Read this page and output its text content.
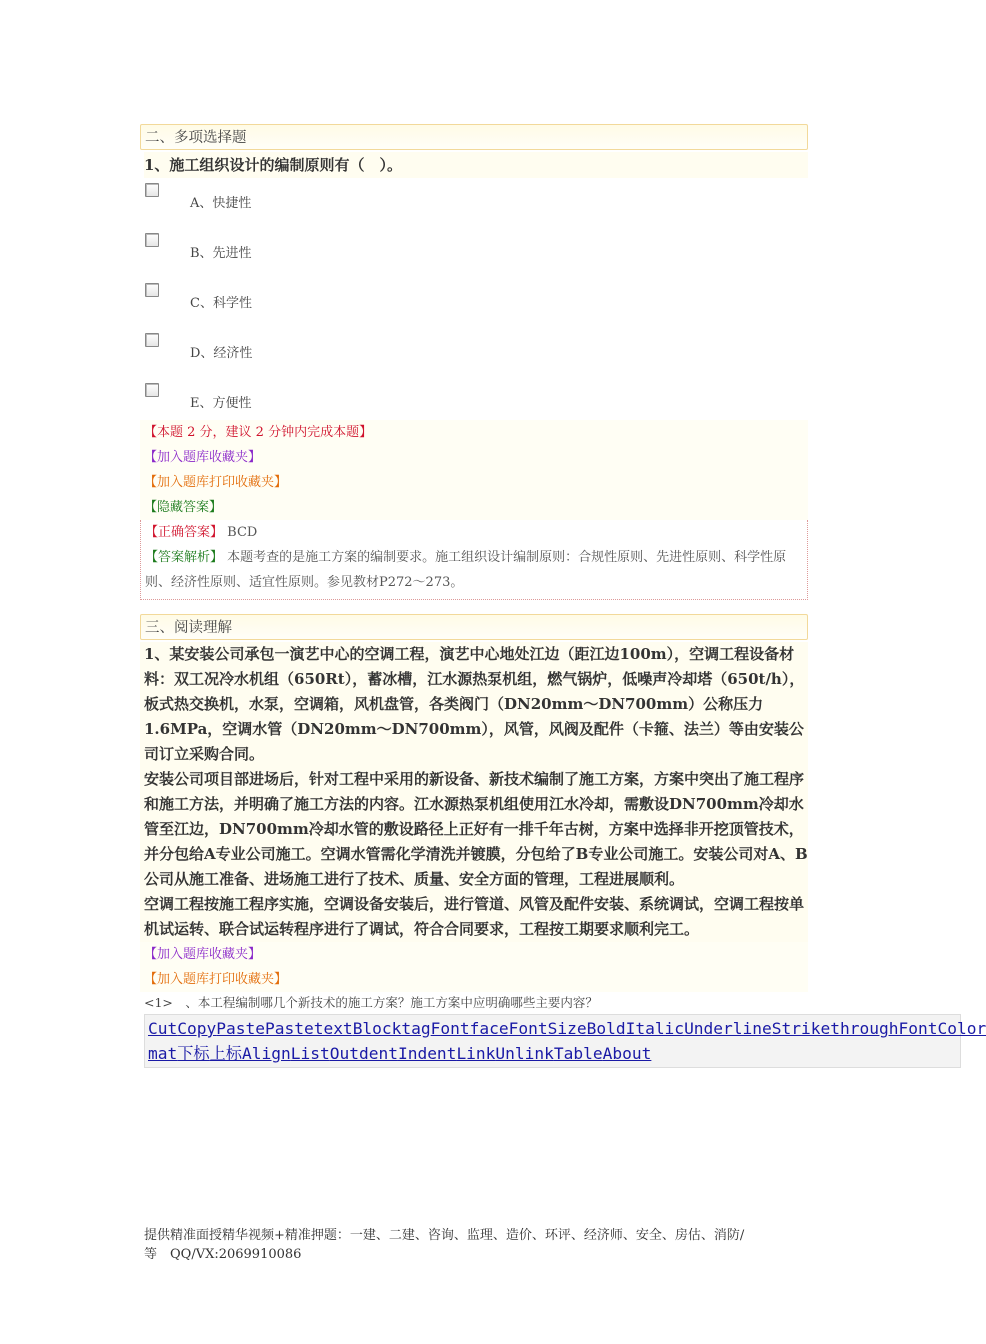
二、多项选择题
1、施工组织设计的编制原则有（　）。
A、快捷性
B、先进性
C、科学性
D、经济性
E、方便性
【本题 2 分，建议 2 分钟内完成本题】
【加入题库收藏夹】
【加入题库打印收藏夹】
【隐藏答案】
【正确答案】 BCD
【答案解析】 本题考查的是施工方案的编制要求。施工组织设计编制原则：合规性原则、先进性原则、科学性原则、经济性原则、适宜性原则。参见教材P272～273。
三、阅读理解
1、某安装公司承包一演艺中心的空调工程，演艺中心地处江边（距江边100m），空调工程设备材料：双工况冷水机组（650Rt），蓄冰槽，江水源热泵机组，燃气锅炉，低噪声冷却塔（650t/h），板式热交换机，水泵，空调箱，风机盘管，各类阀门（DN20mm～DN700mm）公称压力1.6MPa，空调水管（DN20mm～DN700mm），风管，风阀及配件（卡箍、法兰）等由安装公司订立采购合同。
安装公司项目部进场后，针对工程中采用的新设备、新技术编制了施工方案，方案中突出了施工程序和施工方法，并明确了施工方法的内容。江水源热泵机组使用江水冷却，需敷设DN700mm冷却水管至江边，DN700mm冷却水管的敷设路径上正好有一排千年古树，方案中选择非开挖顶管技术，并分包给A专业公司施工。空调水管需化学清洗并镀膜，分包给了B专业公司施工。安装公司对A、B公司从施工准备、进场施工进行了技术、质量、安全方面的管理，工程进展顺利。
空调工程按施工程序实施，空调设备安装后，进行管道、风管及配件安装、系统调试，空调工程按单机试运转、联合试运转程序进行了调试，符合合同要求，工程按工期要求顺利完工。
【加入题库收藏夹】
【加入题库打印收藏夹】
<1>　、本工程编制哪几个新技术的施工方案？施工方案中应明确哪些主要内容？
CutCopyPastePastetextBlocktagFontfaceFontSizeBoldItalicUnderlineStrikethroughFontColor
mat下标上标AlignListOutdentIndentLinkUnlinkTableAbout
提供精准面授精华视频+精准押题：一建、二建、咨询、监理、造价、环评、经济师、安全、房估、消防/
等　QQ/VX:2069910086
